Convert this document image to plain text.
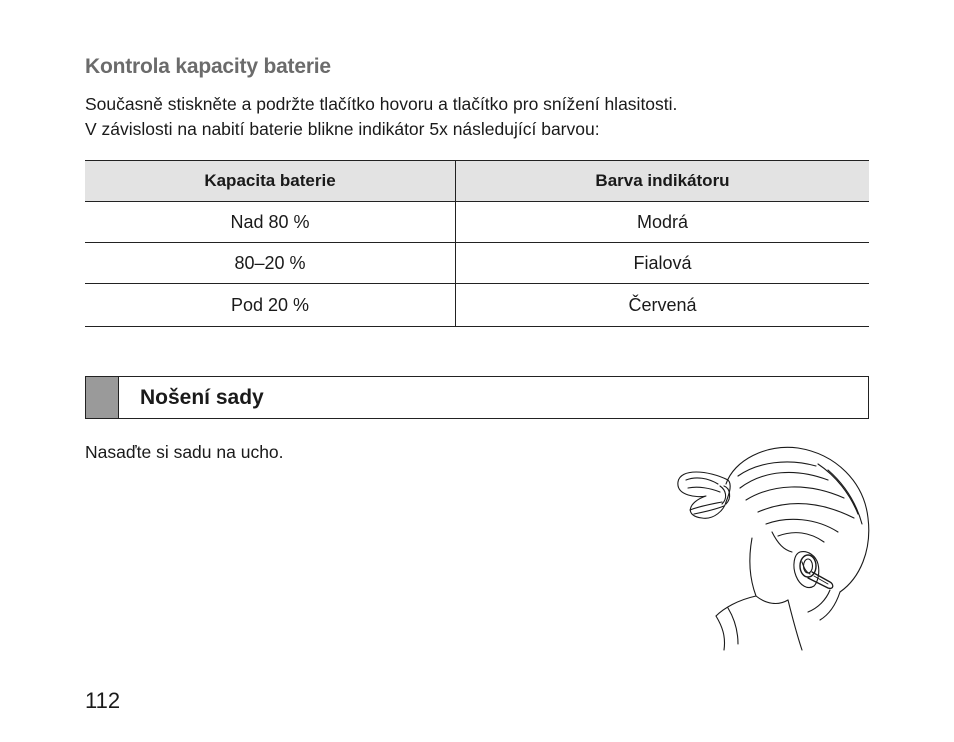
Kontrola kapacity baterie
Současně stiskněte a podržte tlačítko hovoru a tlačítko pro snížení hlasitosti.
V závislosti na nabití baterie blikne indikátor 5x následující barvou:
Kapacita baterie	Barva indikátoru
Nad 80 %	Modrá
80–20 %	Fialová
Pod 20 %	Červená
Nošení sady
Nasaďte si sadu na ucho.
112
